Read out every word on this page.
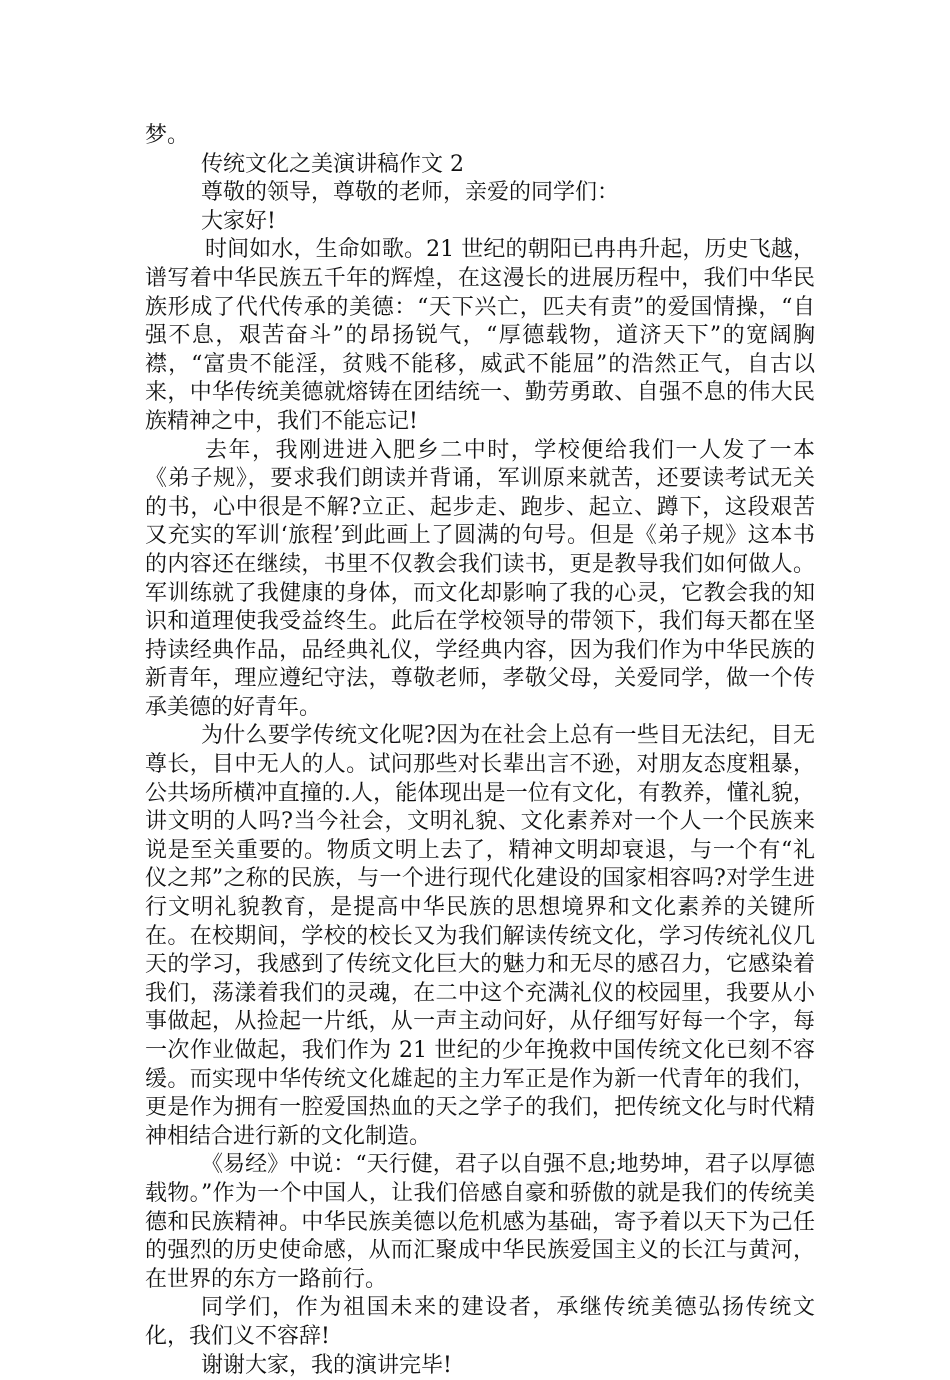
梦。

传统文化之美演讲稿作文 2

尊敬的领导，尊敬的老师，亲爱的同学们：

大家好!

时间如水，生命如歌。21 世纪的朝阳已冉冉升起，历史飞越，谱写着中华民族五千年的辉煌，在这漫长的进展历程中，我们中华民族形成了代代传承的美德：“天下兴亡，匹夫有责”的爱国情操，“自强不息，艰苦奋斗”的昂扬锐气，“厚德载物，道济天下”的宽阔胸襟，“富贵不能淫，贫贱不能移，威武不能屈”的浩然正气，自古以来，中华传统美德就熔铸在团结统一、勤劳勇敢、自强不息的伟大民族精神之中，我们不能忘记!

去年，我刚进进入肥乡二中时，学校便给我们一人发了一本《弟子规》，要求我们朗读并背诵，军训原来就苦，还要读考试无关的书，心中很是不解?立正、起步走、跑步、起立、蹲下，这段艰苦又充实的军训‘旅程’到此画上了圆满的句号。但是《弟子规》这本书的内容还在继续，书里不仅教会我们读书，更是教导我们如何做人。军训练就了我健康的身体，而文化却影响了我的心灵，它教会我的知识和道理使我受益终生。此后在学校领导的带领下，我们每天都在坚持读经典作品，品经典礼仪，学经典内容，因为我们作为中华民族的新青年，理应遵纪守法，尊敬老师，孝敬父母，关爱同学，做一个传承美德的好青年。

为什么要学传统文化呢?因为在社会上总有一些目无法纪，目无尊长，目中无人的人。试问那些对长辈出言不逊，对朋友态度粗暴，公共场所横冲直撞的.人，能体现出是一位有文化，有教养，懂礼貌，讲文明的人吗?当今社会，文明礼貌、文化素养对一个人一个民族来说是至关重要的。物质文明上去了，精神文明却衰退，与一个有“礼仪之邦”之称的民族，与一个进行现代化建设的国家相容吗?对学生进行文明礼貌教育，是提高中华民族的思想境界和文化素养的关键所在。在校期间，学校的校长又为我们解读传统文化，学习传统礼仪几天的学习，我感到了传统文化巨大的魅力和无尽的感召力，它感染着我们，荡漾着我们的灵魂，在二中这个充满礼仪的校园里，我要从小事做起，从捡起一片纸，从一声主动问好，从仔细写好每一个字，每一次作业做起，我们作为 21 世纪的少年挽救中国传统文化已刻不容缓。而实现中华传统文化雄起的主力军正是作为新一代青年的我们，更是作为拥有一腔爱国热血的天之学子的我们，把传统文化与时代精神相结合进行新的文化制造。

《易经》中说：“天行健，君子以自强不息;地势坤，君子以厚德载物。”作为一个中国人，让我们倍感自豪和骄傲的就是我们的传统美德和民族精神。中华民族美德以危机感为基础，寄予着以天下为己任的强烈的历史使命感，从而汇聚成中华民族爱国主义的长江与黄河，在世界的东方一路前行。

同学们，作为祖国未来的建设者，承继传统美德弘扬传统文化，我们义不容辞!

谢谢大家，我的演讲完毕!
